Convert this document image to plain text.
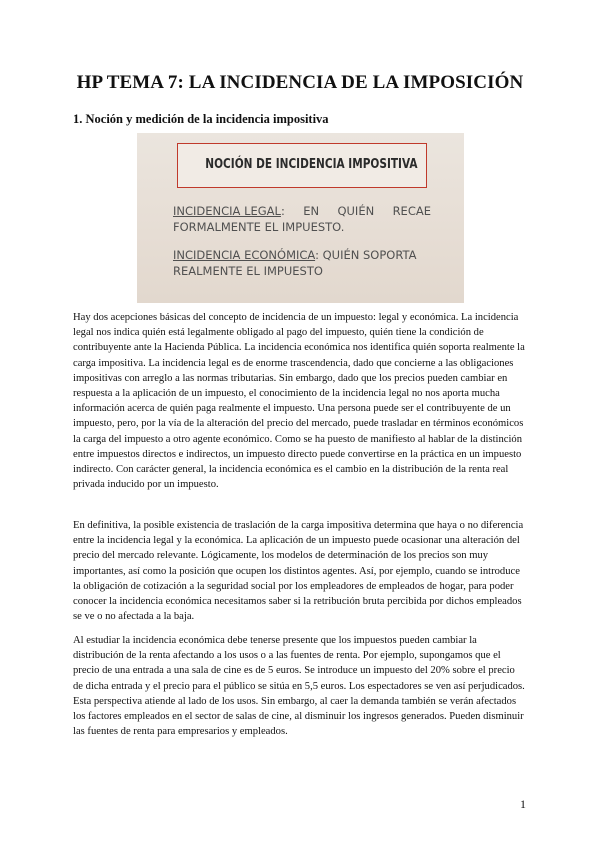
HP TEMA 7: LA INCIDENCIA DE LA IMPOSICIÓN
1. Noción y medición de la incidencia impositiva
NOCIÓN DE INCIDENCIA IMPOSITIVA
INCIDENCIA LEGAL: EN QUIÉN RECAE
FORMALMENTE EL IMPUESTO.
INCIDENCIA ECONÓMICA: QUIÉN SOPORTA
REALMENTE EL IMPUESTO

Hay dos acepciones básicas del concepto de incidencia de un impuesto: legal y económica. La incidencia legal nos indica quién está legalmente obligado al pago del impuesto, quién tiene la condición de contribuyente ante la Hacienda Pública. La incidencia económica nos identifica quién soporta realmente la carga impositiva. La incidencia legal es de enorme trascendencia, dado que concierne a las obligaciones impositivas con arreglo a las normas tributarias. Sin embargo, dado que los precios pueden cambiar en respuesta a la aplicación de un impuesto, el conocimiento de la incidencia legal no nos aporta mucha información acerca de quién paga realmente el impuesto. Una persona puede ser el contribuyente de un impuesto, pero, por la vía de la alteración del precio del mercado, puede trasladar en términos económicos la carga del impuesto a otro agente económico. Como se ha puesto de manifiesto al hablar de la distinción entre impuestos directos e indirectos, un impuesto directo puede convertirse en la práctica en un impuesto indirecto. Con carácter general, la incidencia económica es el cambio en la distribución de la renta real privada inducido por un impuesto.

En definitiva, la posible existencia de traslación de la carga impositiva determina que haya o no diferencia entre la incidencia legal y la económica. La aplicación de un impuesto puede ocasionar una alteración del precio del mercado relevante. Lógicamente, los modelos de determinación de los precios son muy importantes, así como la posición que ocupen los distintos agentes. Así, por ejemplo, cuando se introduce la obligación de cotización a la seguridad social por los empleadores de empleados de hogar, para poder conocer la incidencia económica necesitamos saber si la retribución bruta percibida por dichos empleados se ve o no afectada a la baja.

Al estudiar la incidencia económica debe tenerse presente que los impuestos pueden cambiar la distribución de la renta afectando a los usos o a las fuentes de renta. Por ejemplo, supongamos que el precio de una entrada a una sala de cine es de 5 euros. Se introduce un impuesto del 20% sobre el precio de dicha entrada y el precio para el público se sitúa en 5,5 euros. Los espectadores se ven así perjudicados. Esta perspectiva atiende al lado de los usos. Sin embargo, al caer la demanda también se verán afectados los factores empleados en el sector de salas de cine, al disminuir los ingresos generados. Pueden disminuir las fuentes de renta para empresarios y empleados.

1
